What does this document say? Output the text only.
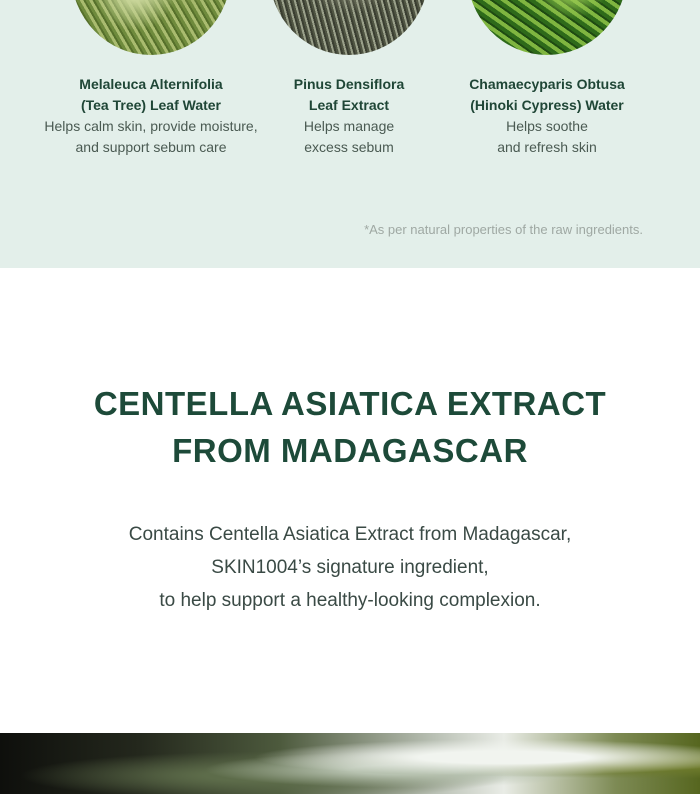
Melaleuca Alternifolia
(Tea Tree) Leaf Water
Helps calm skin, provide moisture,
and support sebum care
Pinus Densiflora
Leaf Extract
Helps manage
excess sebum
Chamaecyparis Obtusa
(Hinoki Cypress) Water
Helps soothe
and refresh skin
*As per natural properties of the raw ingredients.
CENTELLA ASIATICA EXTRACT
FROM MADAGASCAR
Contains Centella Asiatica Extract from Madagascar,
SKIN1004’s signature ingredient,
to help support a healthy-looking complexion.
